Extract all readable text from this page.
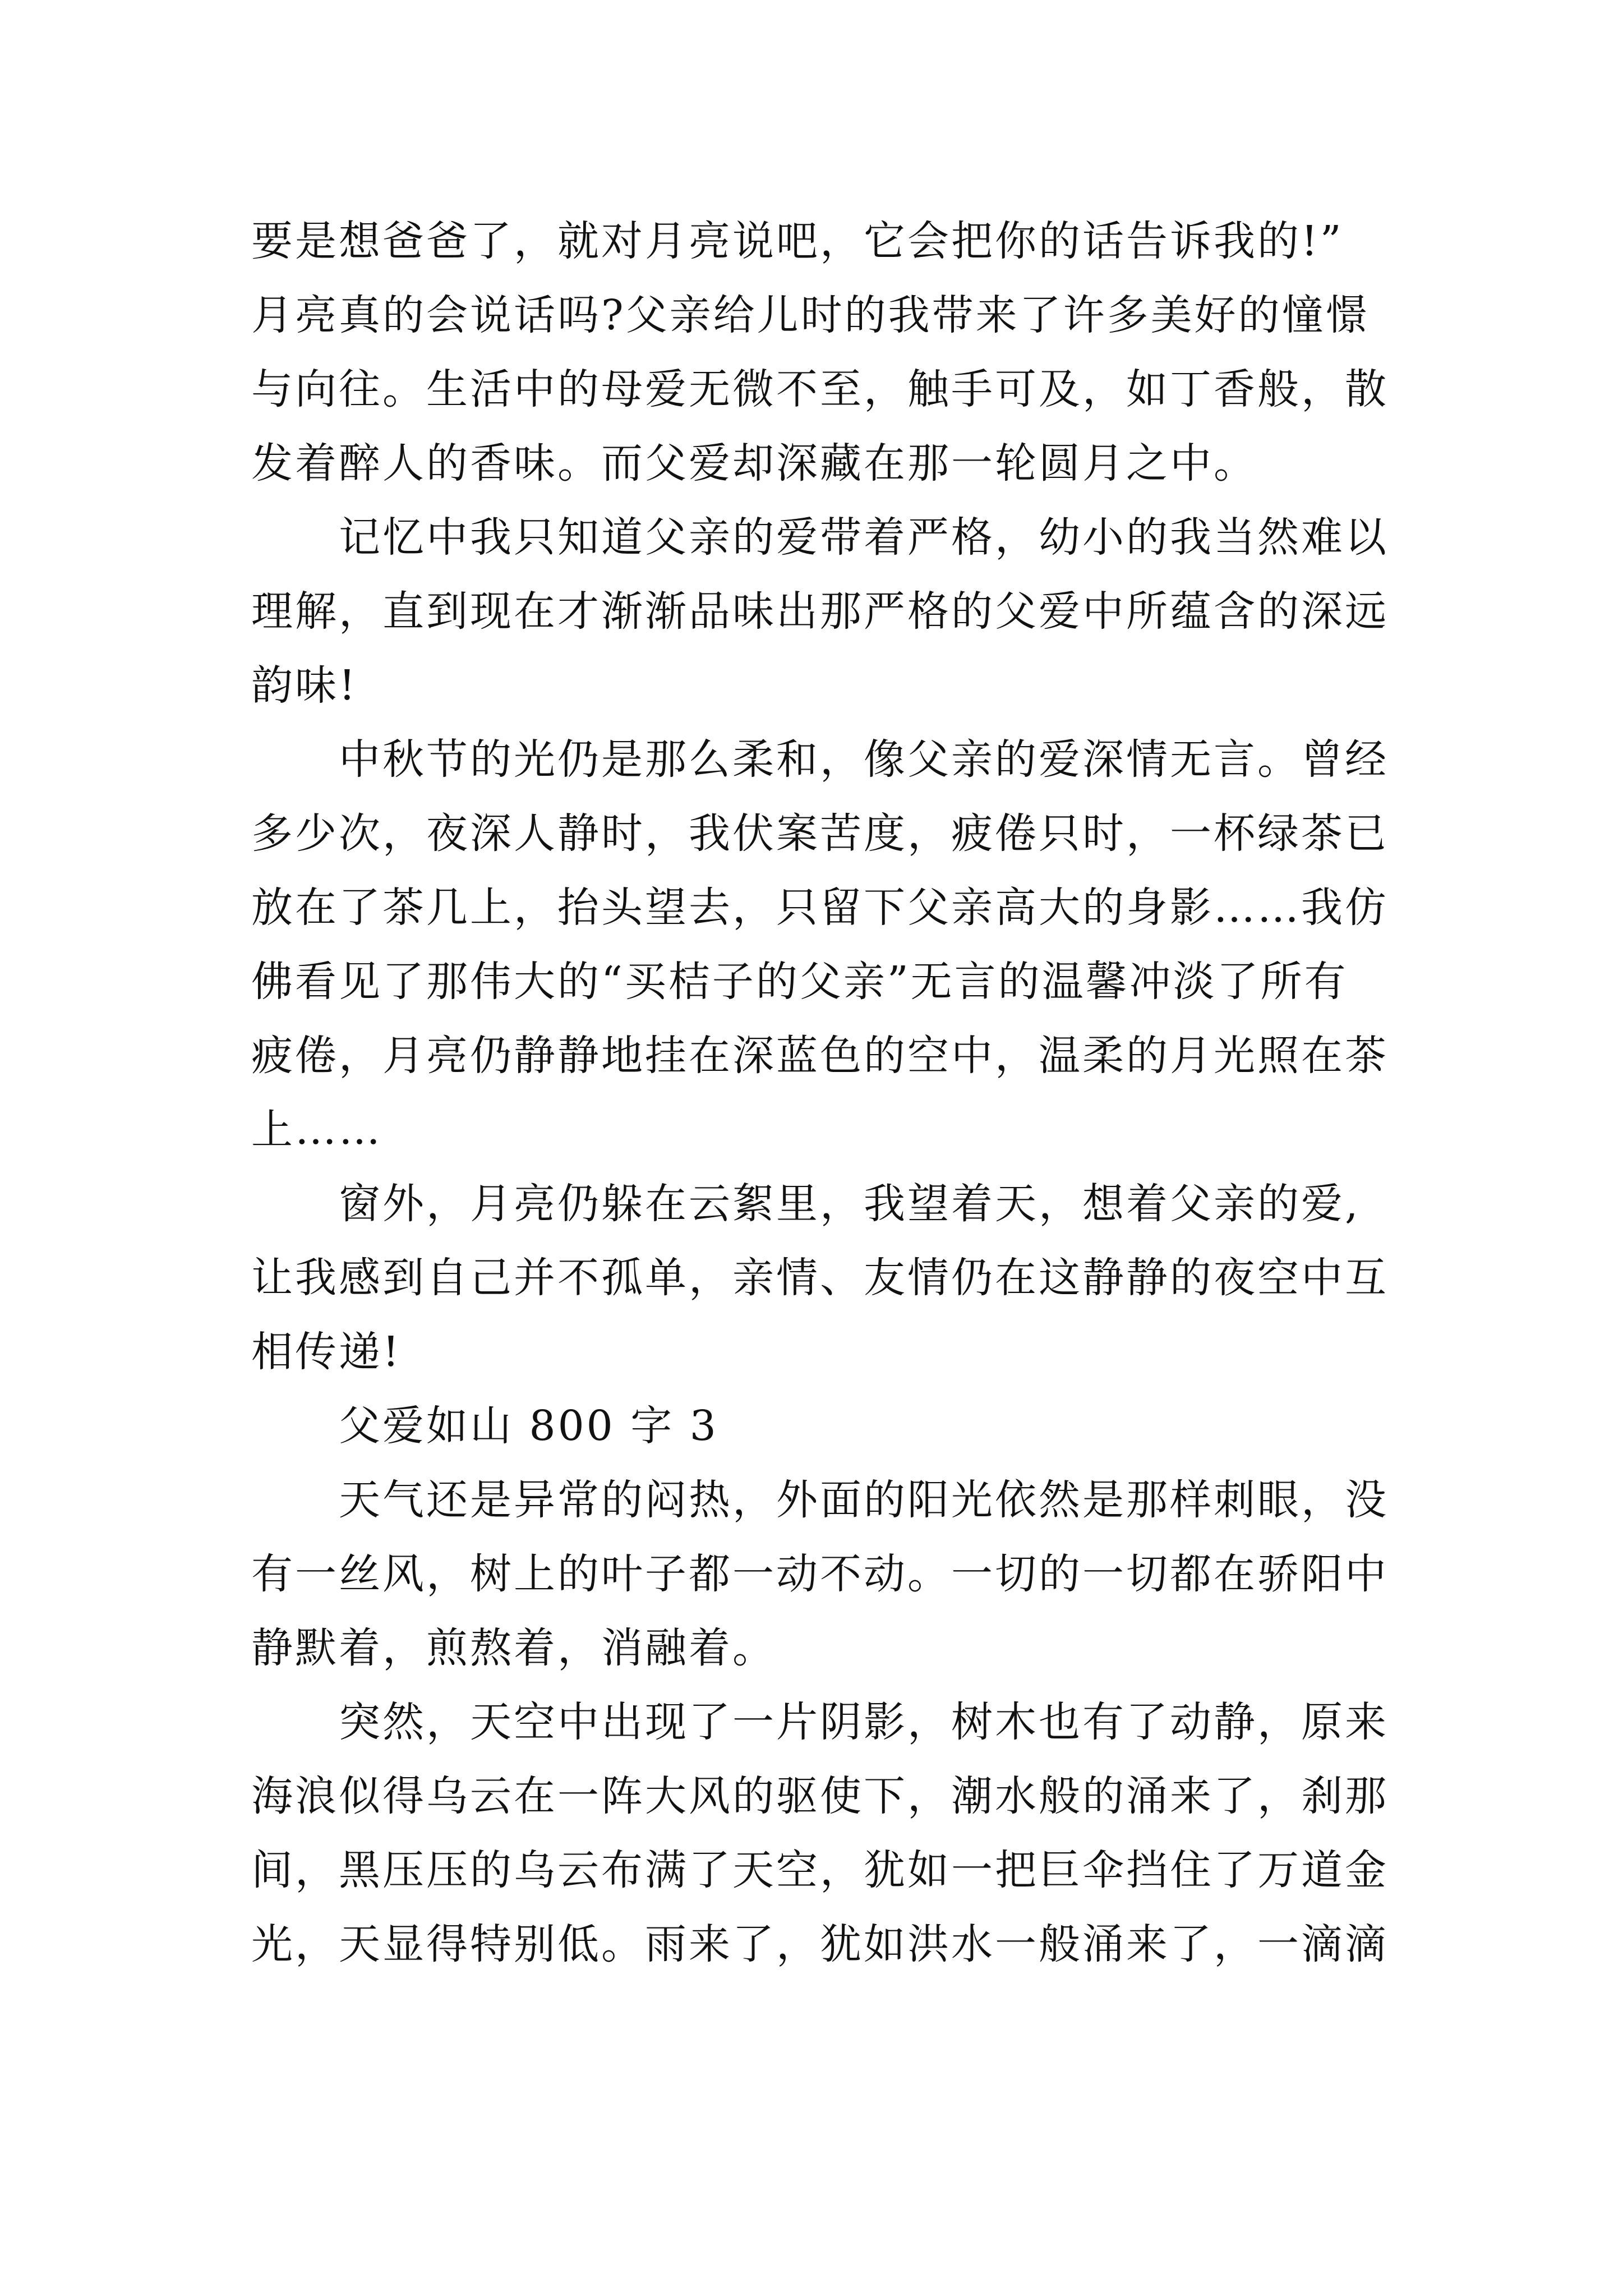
要是想爸爸了，就对月亮说吧，它会把你的话告诉我的!”
月亮真的会说话吗?父亲给儿时的我带来了许多美好的憧憬
与向往。生活中的母爱无微不至，触手可及，如丁香般，散
发着醉人的香味。而父爱却深藏在那一轮圆月之中。
记忆中我只知道父亲的爱带着严格，幼小的我当然难以
理解，直到现在才渐渐品味出那严格的父爱中所蕴含的深远
韵味!
中秋节的光仍是那么柔和，像父亲的爱深情无言。曾经
多少次，夜深人静时，我伏案苦度，疲倦只时，一杯绿茶已
放在了茶几上，抬头望去，只留下父亲高大的身影……我仿
佛看见了那伟大的“买桔子的父亲”无言的温馨冲淡了所有
疲倦，月亮仍静静地挂在深蓝色的空中，温柔的月光照在茶
上……
窗外，月亮仍躲在云絮里，我望着天，想着父亲的爱,
让我感到自己并不孤单，亲情、友情仍在这静静的夜空中互
相传递!
父爱如山 800 字 3
天气还是异常的闷热，外面的阳光依然是那样刺眼，没
有一丝风，树上的叶子都一动不动。一切的一切都在骄阳中
静默着，煎熬着，消融着。
突然，天空中出现了一片阴影，树木也有了动静，原来
海浪似得乌云在一阵大风的驱使下，潮水般的涌来了，刹那
间，黑压压的乌云布满了天空，犹如一把巨伞挡住了万道金
光，天显得特别低。雨来了，犹如洪水一般涌来了，一滴滴
